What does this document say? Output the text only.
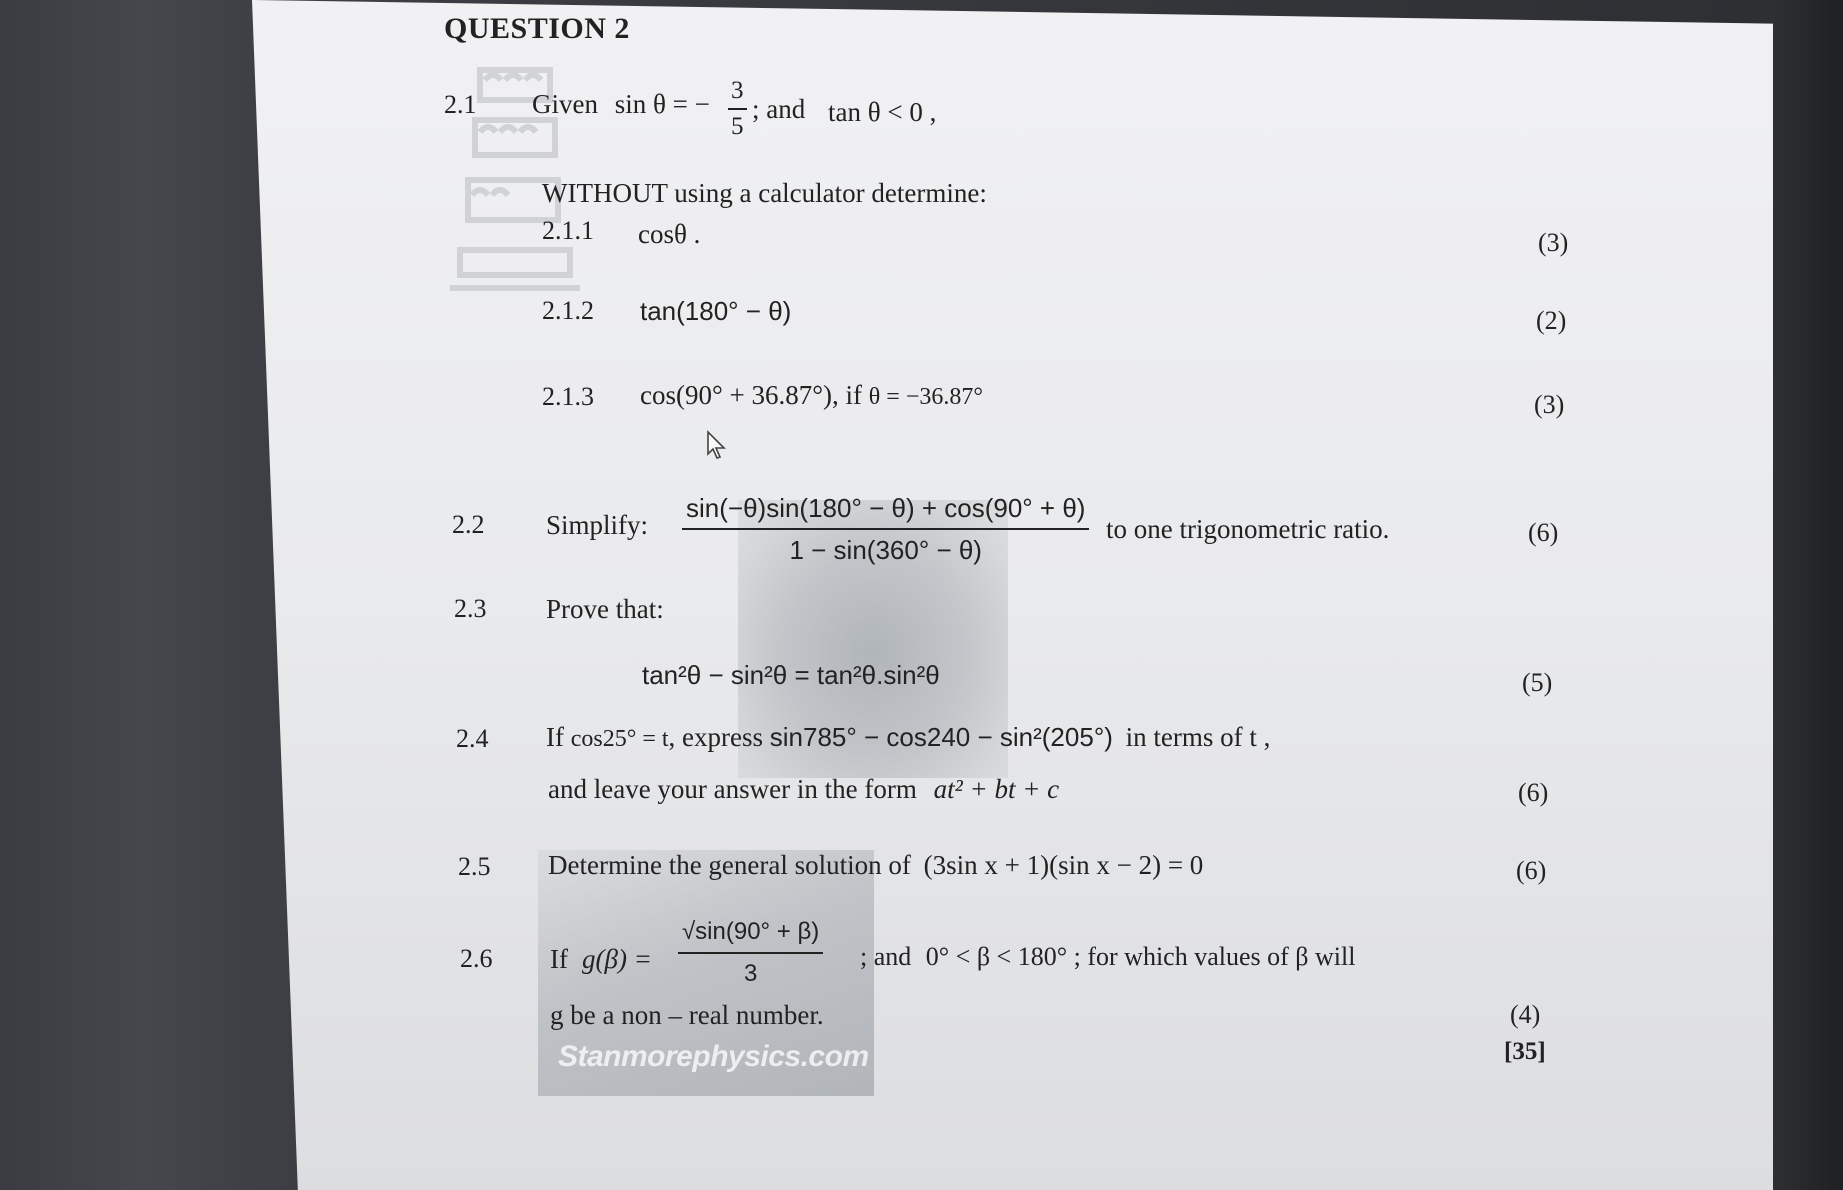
Stanmorephysics.com
QUESTION 2
2.1 Given sin θ = − $\frac{3}{5}$ ; and tan θ < 0 ,
WITHOUT using a calculator determine:
2.1.1 cosθ .	(3)
2.1.2 tan(180° − θ)	(2)
2.1.3 cos(90° + 36.87°), if θ = −36.87°	(3)
2.2 Simplify: $\frac{\sin(-\theta)\sin(180^\circ - \theta) + \cos(90^\circ + \theta)}{1 - \sin(360^\circ - \theta)}$ to one trigonometric ratio.	(6)
2.3 Prove that:
tan²θ − sin²θ = tan²θ.sin²θ	(5)
2.4 If cos25° = t, express sin785° − cos240 − sin²(205°) in terms of t ,
and leave your answer in the form at² + bt + c	(6)
2.5 Determine the general solution of (3sin x + 1)(sin x − 2) = 0	(6)
2.6 If $g(\beta) = \frac{√\sin(90^\circ + \beta)}{3}$ ; and 0° < β < 180° ; for which values of β will
g be a non – real number.	(4)
[35]
